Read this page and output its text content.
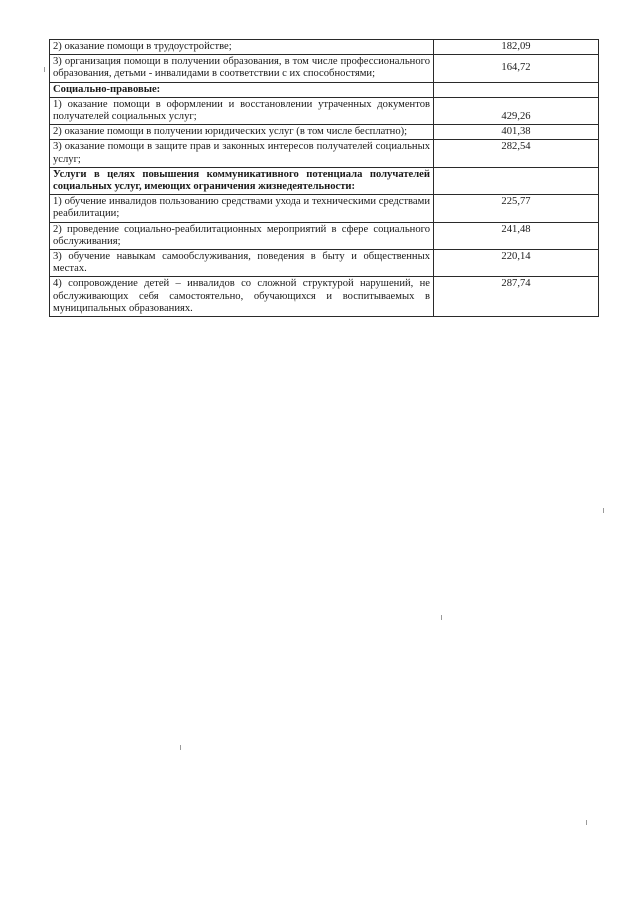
2) оказание помощи в трудоустройстве;	182,09
3) организация помощи в получении образования, в том числе профессионального образования, детьми - инвалидами в соответствии с их способностями;	164,72
Социально-правовые:	
1) оказание помощи в оформлении и восстановлении утраченных документов получателей социальных услуг;	429,26
2) оказание помощи в получении юридических услуг (в том числе бесплатно);	401,38
3) оказание помощи в защите прав и законных интересов получателей социальных услуг;	282,54
Услуги в целях повышения коммуникативного потенциала получателей социальных услуг, имеющих ограничения жизнедеятельности:	
1) обучение инвалидов пользованию средствами ухода и техническими средствами реабилитации;	225,77
2) проведение социально-реабилитационных мероприятий в сфере социального обслуживания;	241,48
3) обучение навыкам самообслуживания, поведения в быту и общественных местах.	220,14
4) сопровождение детей – инвалидов со сложной структурой нарушений, не обслуживающих себя самостоятельно, обучающихся и воспитываемых в муниципальных образованиях.	287,74
